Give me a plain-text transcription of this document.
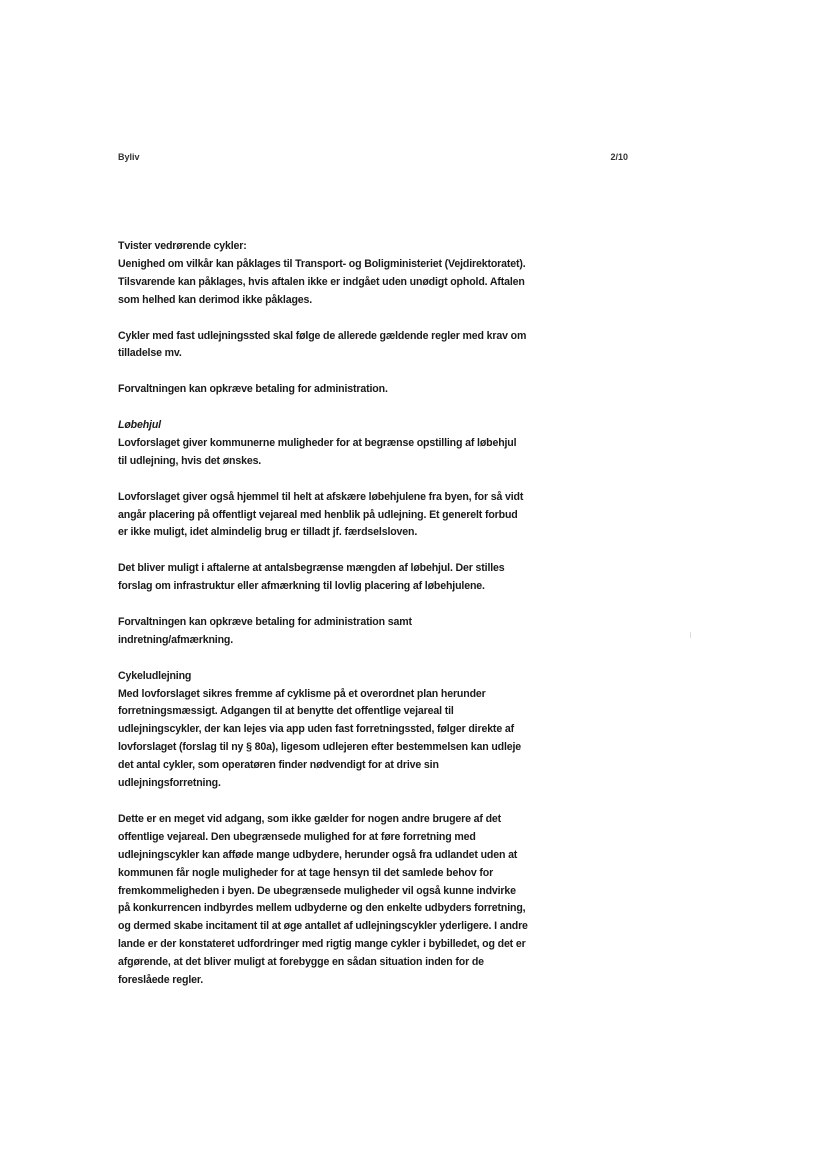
Byliv	2/10
Tvister vedrørende cykler:

Uenighed om vilkår kan påklages til Transport- og Boligministeriet (Vejdirektoratet). Tilsvarende kan påklages, hvis aftalen ikke er indgået uden unødigt ophold. Aftalen som helhed kan derimod ikke påklages.

Cykler med fast udlejningssted skal følge de allerede gældende regler med krav om tilladelse mv.

Forvaltningen kan opkræve betaling for administration.

Løbehjul

Lovforslaget giver kommunerne muligheder for at begrænse opstilling af løbehjul til udlejning, hvis det ønskes.

Lovforslaget giver også hjemmel til helt at afskære løbehjulene fra byen, for så vidt angår placering på offentligt vejareal med henblik på udlejning. Et generelt forbud er ikke muligt, idet almindelig brug er tilladt jf. færdselsloven.

Det bliver muligt i aftalerne at antalsbegrænse mængden af løbehjul. Der stilles forslag om infrastruktur eller afmærkning til lovlig placering af løbehjulene.

Forvaltningen kan opkræve betaling for administration samt indretning/afmærkning.

Cykeludlejning

Med lovforslaget sikres fremme af cyklisme på et overordnet plan herunder forretningsmæssigt. Adgangen til at benytte det offentlige vejareal til udlejningscykler, der kan lejes via app uden fast forretningssted, følger direkte af lovforslaget (forslag til ny § 80a), ligesom udlejeren efter bestemmelsen kan udleje det antal cykler, som operatøren finder nødvendigt for at drive sin udlejningsforretning.

Dette er en meget vid adgang, som ikke gælder for nogen andre brugere af det offentlige vejareal. Den ubegrænsede mulighed for at føre forretning med udlejningscykler kan afføde mange udbydere, herunder også fra udlandet uden at kommunen får nogle muligheder for at tage hensyn til det samlede behov for fremkommeligheden i byen. De ubegrænsede muligheder vil også kunne indvirke på konkurrencen indbyrdes mellem udbyderne og den enkelte udbyders forretning, og dermed skabe incitament til at øge antallet af udlejningscykler yderligere. I andre lande er der konstateret udfordringer med rigtig mange cykler i bybilledet, og det er afgørende, at det bliver muligt at forebygge en sådan situation inden for de foreslåede regler.
